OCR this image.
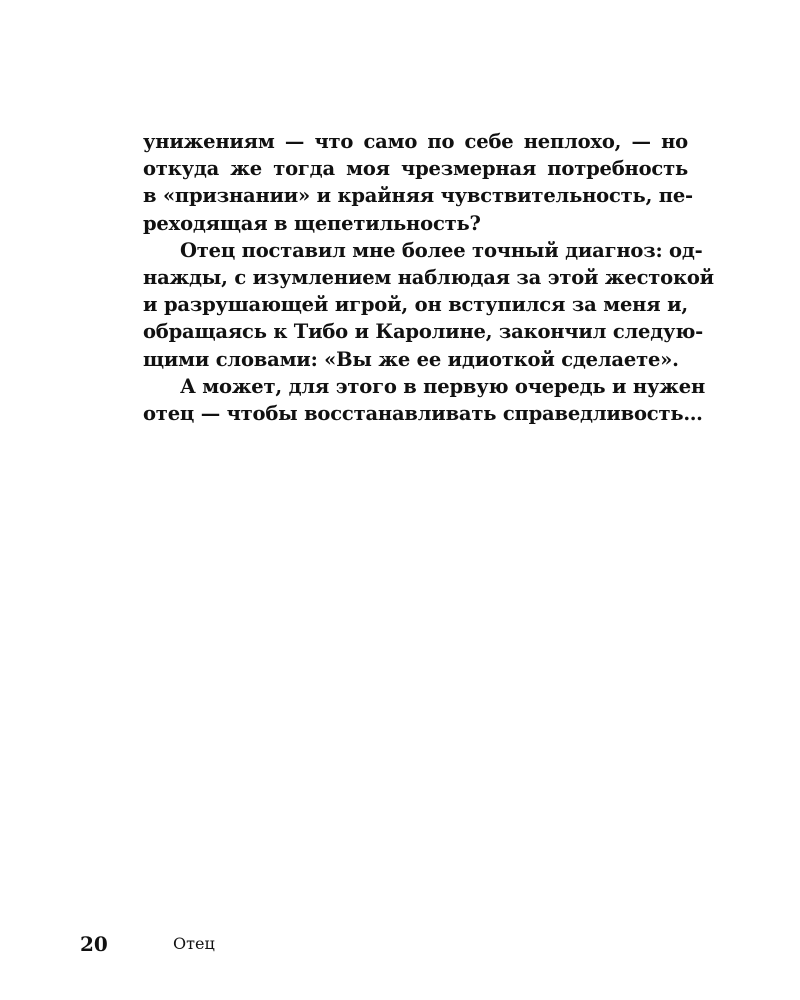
унижениям — что само по себе неплохо, — но
откуда же тогда моя чрезмерная потребность
в «признании» и крайняя чувствительность, пе-
реходящая в щепетильность?
Отец поставил мне более точный диагноз: од-
нажды, с изумлением наблюдая за этой жестокой
и разрушающей игрой, он вступился за меня и,
обращаясь к Тибо и Каролине, закончил следую-
щими словами: «Вы же ее идиоткой сделаете».
А может, для этого в первую очередь и нужен
отец — чтобы восстанавливать справедливость…
20	Отец
